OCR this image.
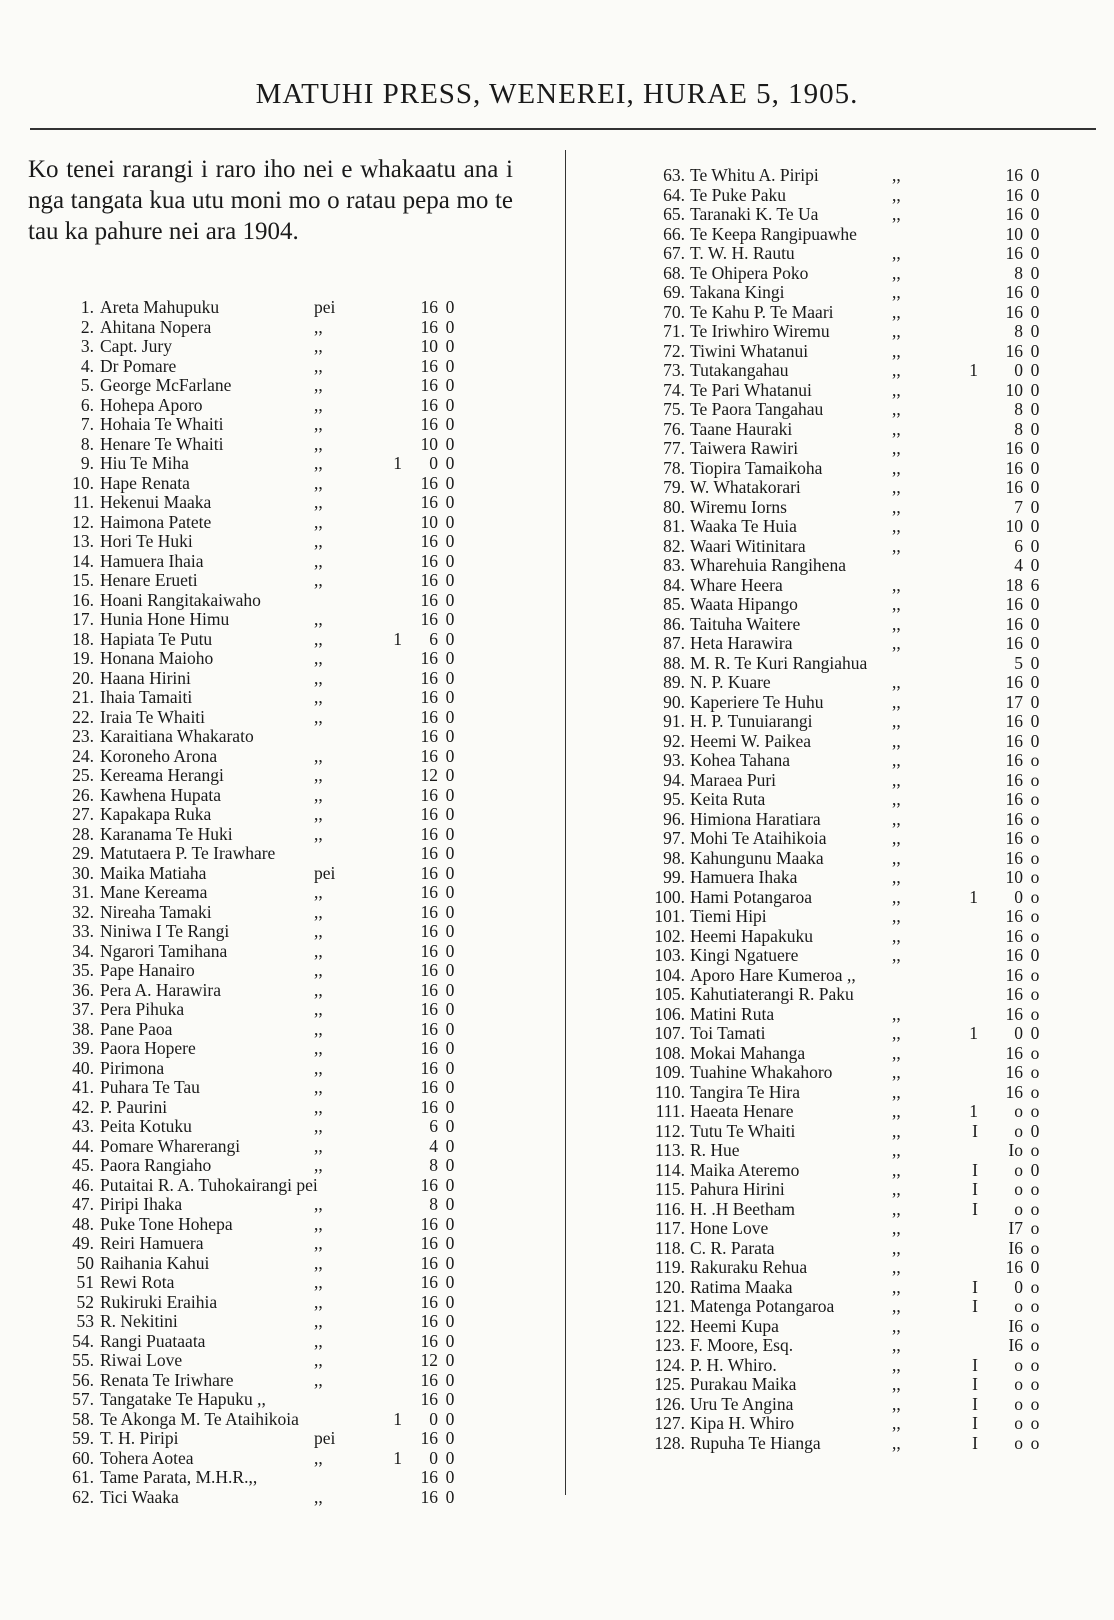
MATUHI PRESS, WENEREI, HURAE 5, 1905.
Ko tenei rarangi i raro iho nei e whakaatu ana i nga tangata kua utu moni mo o ratau pepa mo te tau ka pahure nei ara 1904.
1. Areta Mahupuku	pei	16 0
2. Ahitana Nopera	,,	16 0
3. Capt. Jury	,,	10 0
4. Dr Pomare	,,	16 0
5. George McFarlane	,,	16 0
6. Hohepa Aporo	,,	16 0
7. Hohaia Te Whaiti	,,	16 0
8. Henare Te Whaiti	,,	10 0
9. Hiu Te Miha	,,	1	0 0
10. Hape Renata	,,	16 0
11. Hekenui Maaka	,,	16 0
12. Haimona Patete	,,	10 0
13. Hori Te Huki	,,	16 0
14. Hamuera Ihaia	,,	16 0
15. Henare Erueti	,,	16 0
16. Hoani Rangitakaiwaho	16 0
17. Hunia Hone Himu	,,	16 0
18. Hapiata Te Putu	,,	1	6 0
19. Honana Maioho	,,	16 0
20. Haana Hirini	,,	16 0
21. Ihaia Tamaiti	,,	16 0
22. Iraia Te Whaiti	,,	16 0
23. Karaitiana Whakarato	16 0
24. Koroneho Arona	,,	16 0
25. Kereama Herangi	,,	12 0
26. Kawhena Hupata	,,	16 0
27. Kapakapa Ruka	,,	16 0
28. Karanama Te Huki	,,	16 0
29. Matutaera P. Te Irawhare	16 0
30. Maika Matiaha	pei	16 0
31. Mane Kereama	,,	16 0
32. Nireaha Tamaki	,,	16 0
33. Niniwa I Te Rangi	,,	16 0
34. Ngarori Tamihana	,,	16 0
35. Pape Hanairo	,,	16 0
36. Pera A. Harawira	,,	16 0
37. Pera Pihuka	,,	16 0
38. Pane Paoa	,,	16 0
39. Paora Hopere	,,	16 0
40. Pirimona	,,	16 0
41. Puhara Te Tau	,,	16 0
42. P. Paurini	,,	16 0
43. Peita Kotuku	,,	6 0
44. Pomare Wharerangi	,,	4 0
45. Paora Rangiaho	,,	8 0
46. Putaitai R. A. Tuhokairangi pei	16 0
47. Piripi Ihaka	,,	8 0
48. Puke Tone Hohepa	,,	16 0
49. Reiri Hamuera	,,	16 0
50 Raihania Kahui	,,	16 0
51 Rewi Rota	,,	16 0
52 Rukiruki Eraihia	,,	16 0
53 R. Nekitini	,,	16 0
54. Rangi Puataata	,,	16 0
55. Riwai Love	,,	12 0
56. Renata Te Iriwhare	,,	16 0
57. Tangatake Te Hapuku ,,	16 0
58. Te Akonga M. Te Ataihikoia	1	0 0
59. T. H. Piripi	pei	16 0
60. Tohera Aotea	,,	1	0 0
61. Tame Parata, M.H.R.,,	16 0
62. Tici Waaka	,,	16 0
63. Te Whitu A. Piripi	,,	16 0
64. Te Puke Paku	,,	16 0
65. Taranaki K. Te Ua	,,	16 0
66. Te Keepa Rangipuawhe	10 0
67. T. W. H. Rautu	,,	16 0
68. Te Ohipera Poko	,,	8 0
69. Takana Kingi	,,	16 0
70. Te Kahu P. Te Maari	,,	16 0
71. Te Iriwhiro Wiremu	,,	8 0
72. Tiwini Whatanui	,,	16 0
73. Tutakangahau	,,	1	0 0
74. Te Pari Whatanui	,,	10 0
75. Te Paora Tangahau	,,	8 0
76. Taane Hauraki	,,	8 0
77. Taiwera Rawiri	,,	16 0
78. Tiopira Tamaikoha	,,	16 0
79. W. Whatakorari	,,	16 0
80. Wiremu Iorns	,,	7 0
81. Waaka Te Huia	,,	10 0
82. Waari Witinitara	,,	6 0
83. Wharehuia Rangihena	4 0
84. Whare Heera	,,	18 6
85. Waata Hipango	,,	16 0
86. Taituha Waitere	,,	16 0
87. Heta Harawira	,,	16 0
88. M. R. Te Kuri Rangiahua	5 0
89. N. P. Kuare	,,	16 0
90. Kaperiere Te Huhu	,,	17 0
91. H. P. Tunuiarangi	,,	16 0
92. Heemi W. Paikea	,,	16 0
93. Kohea Tahana	,,	16 o
94. Maraea Puri	,,	16 o
95. Keita Ruta	,,	16 o
96. Himiona Haratiara	,,	16 o
97. Mohi Te Ataihikoia	,,	16 o
98. Kahungunu Maaka	,,	16 o
99. Hamuera Ihaka	,,	10 o
100. Hami Potangaroa	,,	1	0 o
101. Tiemi Hipi	,,	16 o
102. Heemi Hapakuku	,,	16 o
103. Kingi Ngatuere	,,	16 0
104. Aporo Hare Kumeroa ,,	16 o
105. Kahutiaterangi R. Paku	16 o
106. Matini Ruta	,,	16 o
107. Toi Tamati	,,	1	0 0
108. Mokai Mahanga	,,	16 o
109. Tuahine Whakahoro	,,	16 o
110. Tangira Te Hira	,,	16 o
111. Haeata Henare	,,	1	o o
112. Tutu Te Whaiti	,,	I	o 0
113. R. Hue	,,	Io o
114. Maika Ateremo	,,	I	o 0
115. Pahura Hirini	,,	I	o o
116. H. .H Beetham	,,	I	o o
117. Hone Love	,,	I7 o
118. C. R. Parata	,,	I6 o
119. Rakuraku Rehua	,,	16 0
120. Ratima Maaka	,,	I	0 o
121. Matenga Potangaroa	,,	I	o o
122. Heemi Kupa	,,	I6 o
123. F. Moore, Esq.	,,	I6 o
124. P. H. Whiro.	,,	I	o o
125. Purakau Maika	,,	I	o o
126. Uru Te Angina	,,	I	o o
127. Kipa H. Whiro	,,	I	o o
128. Rupuha Te Hianga	,,	I	o o
